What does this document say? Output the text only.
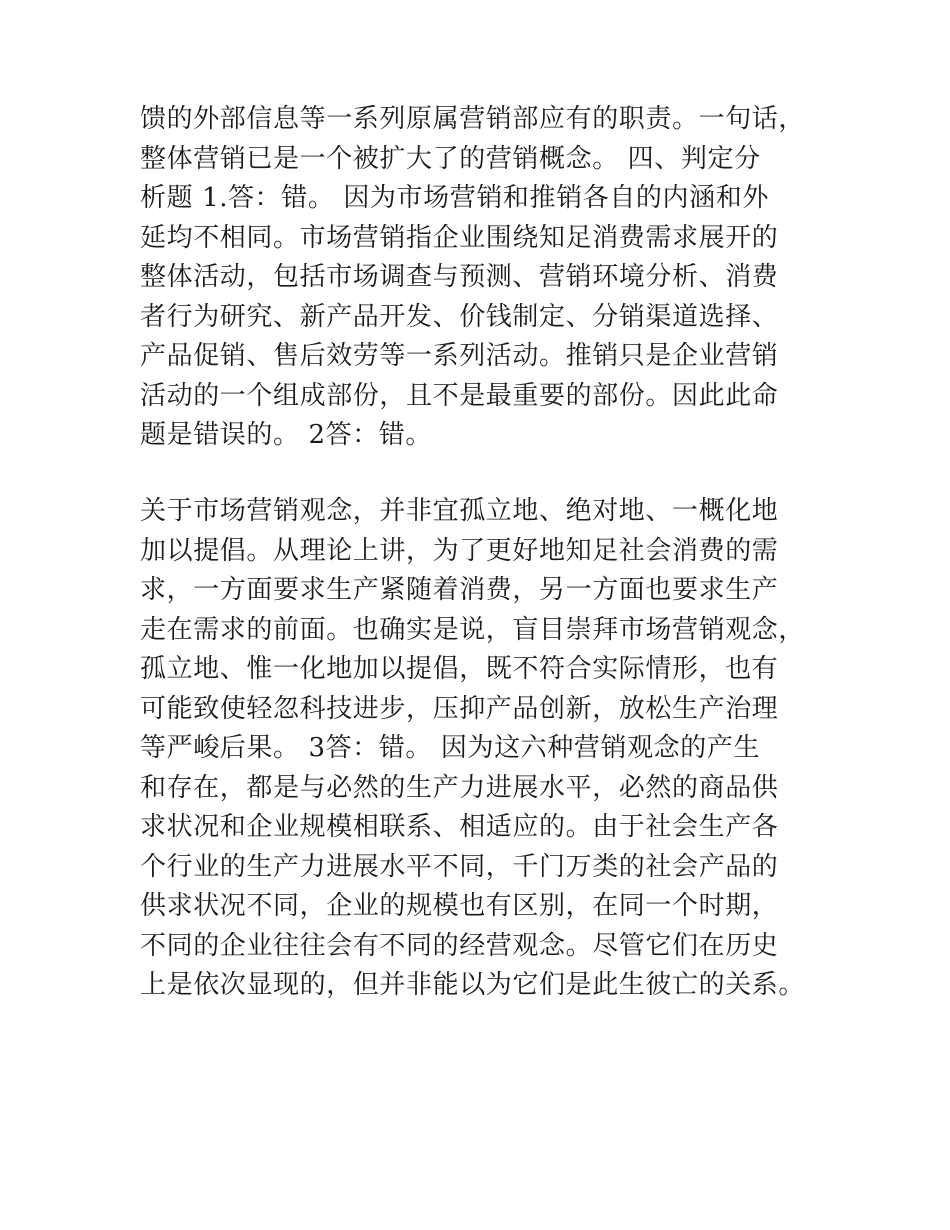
馈的外部信息等一系列原属营销部应有的职责。一句话，
整体营销已是一个被扩大了的营销概念。 四、判定分
析题 1.答：错。 因为市场营销和推销各自的内涵和外
延均不相同。市场营销指企业围绕知足消费需求展开的
整体活动，包括市场调查与预测、营销环境分析、消费
者行为研究、新产品开发、价钱制定、分销渠道选择、
产品促销、售后效劳等一系列活动。推销只是企业营销
活动的一个组成部份，且不是最重要的部份。因此此命
题是错误的。 2答：错。
关于市场营销观念，并非宜孤立地、绝对地、一概化地
加以提倡。从理论上讲，为了更好地知足社会消费的需
求，一方面要求生产紧随着消费，另一方面也要求生产
走在需求的前面。也确实是说，盲目崇拜市场营销观念，
孤立地、惟一化地加以提倡，既不符合实际情形，也有
可能致使轻忽科技进步，压抑产品创新，放松生产治理
等严峻后果。 3答：错。 因为这六种营销观念的产生
和存在，都是与必然的生产力进展水平，必然的商品供
求状况和企业规模相联系、相适应的。由于社会生产各
个行业的生产力进展水平不同，千门万类的社会产品的
供求状况不同，企业的规模也有区别，在同一个时期，
不同的企业往往会有不同的经营观念。尽管它们在历史
上是依次显现的，但并非能以为它们是此生彼亡的关系。
